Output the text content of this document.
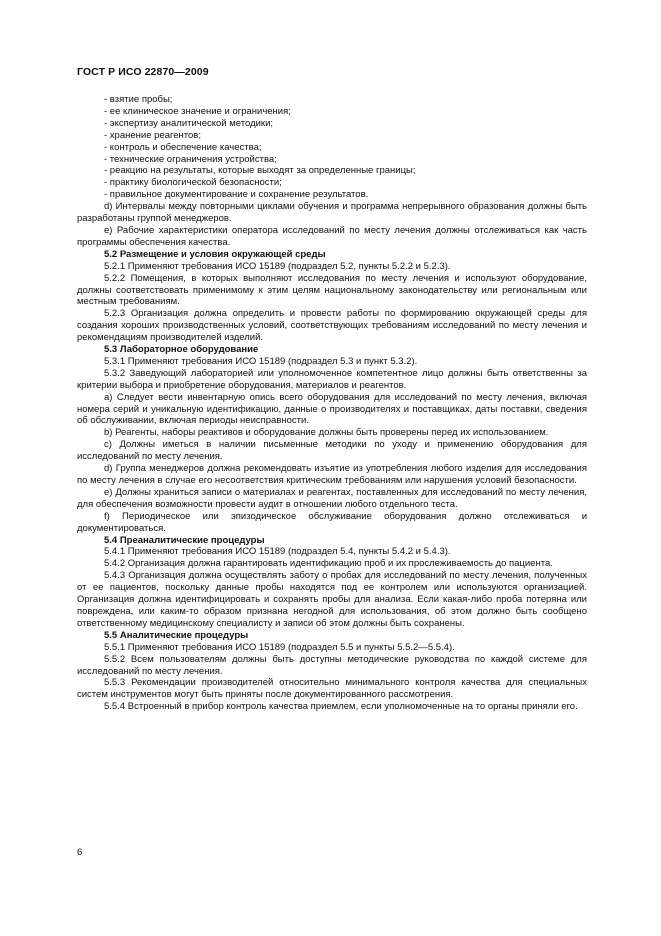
ГОСТ Р ИСО 22870—2009

- взятие пробы;

- ее клиническое значение и ограничения;

- экспертизу аналитической методики;

- хранение реагентов;

- контроль и обеспечение качества;

- технические ограничения устройства;

- реакцию на результаты, которые выходят за определенные границы;

- практику биологической безопасности;

- правильное документирование и сохранение результатов.

d) Интервалы между повторными циклами обучения и программа непрерывного образования должны быть разработаны группой менеджеров.

e) Рабочие характеристики оператора исследований по месту лечения должны отслеживаться как часть программы обеспечения качества.

5.2 Размещение и условия окружающей среды

5.2.1 Применяют требования ИСО 15189 (подраздел 5.2, пункты 5.2.2 и 5.2.3).

5.2.2 Помещения, в которых выполняют исследования по месту лечения и используют оборудование, должны соответствовать применимому к этим целям национальному законодательству или региональным или местным требованиям.

5.2.3 Организация должна определить и провести работы по формированию окружающей среды для создания хороших производственных условий, соответствующих требованиям исследований по месту лечения и рекомендациям производителей изделий.

5.3 Лабораторное оборудование

5.3.1 Применяют требования ИСО 15189 (подраздел 5.3 и пункт 5.3.2).

5.3.2 Заведующий лабораторией или уполномоченное компетентное лицо должны быть ответственны за критерии выбора и приобретение оборудования, материалов и реагентов.

a) Следует вести инвентарную опись всего оборудования для исследований по месту лечения, включая номера серий и уникальную идентификацию, данные о производителях и поставщиках, даты поставки, сведения об обслуживании, включая периоды неисправности.

b) Реагенты, наборы реактивов и оборудование должны быть проверены перед их использованием.

c) Должны иметься в наличии письменные методики по уходу и применению оборудования для исследований по месту лечения.

d) Группа менеджеров должна рекомендовать изъятие из употребления любого изделия для исследования по месту лечения в случае его несоответствия критическим требованиям или нарушения условий безопасности.

e) Должны храниться записи о материалах и реагентах, поставленных для исследований по месту лечения, для обеспечения возможности провести аудит в отношении любого отдельного теста.

f) Периодическое или эпизодическое обслуживание оборудования должно отслеживаться и документироваться.

5.4 Преаналитические процедуры

5.4.1 Применяют требования ИСО 15189 (подраздел 5.4, пункты 5.4.2 и 5.4.3).

5.4.2 Организация должна гарантировать идентификацию проб и их прослеживаемость до пациента.

5.4.3 Организация должна осуществлять заботу о пробах для исследований по месту лечения, полученных от ее пациентов, поскольку данные пробы находятся под ее контролем или используются организацией. Организация должна идентифицировать и сохранять пробы для анализа. Если какая-либо проба потеряна или повреждена, или каким-то образом признана негодной для использования, об этом должно быть сообщено ответственному медицинскому специалисту и записи об этом должны быть сохранены.

5.5 Аналитические процедуры

5.5.1 Применяют требования ИСО 15189 (подраздел 5.5 и пункты 5.5.2—5.5.4).

5.5.2 Всем пользователям должны быть доступны методические руководства по каждой системе для исследований по месту лечения.

5.5.3 Рекомендации производителей относительно минимального контроля качества для специальных систем инструментов могут быть приняты после документированного рассмотрения.

5.5.4 Встроенный в прибор контроль качества приемлем, если уполномоченные на то органы приняли его.

6
